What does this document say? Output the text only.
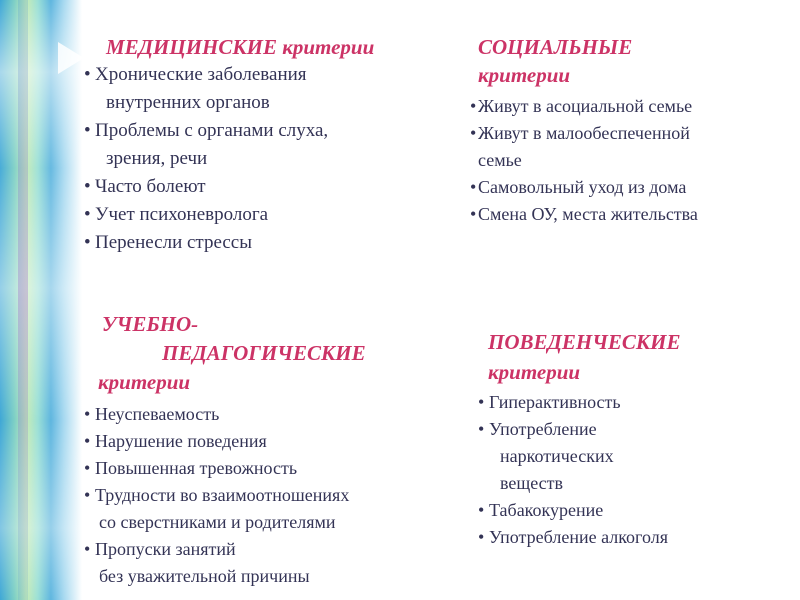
МЕДИЦИНСКИЕ критерии

• Хронические заболевания
внутренних органов
• Проблемы с органами слуха,
зрения, речи
• Часто болеют
• Учет психоневролога
• Перенесли стрессы

СОЦИАЛЬНЫЕ
критерии

• Живут в асоциальной семье
• Живут в малообеспеченной
семье
• Самовольный уход из дома
• Смена ОУ, места жительства

УЧЕБНО-
ПЕДАГОГИЧЕСКИЕ
критерии

• Неуспеваемость
• Нарушение поведения
• Повышенная тревожность
• Трудности во взаимоотношениях
со сверстниками и родителями
• Пропуски занятий
без уважительной причины

ПОВЕДЕНЧЕСКИЕ
критерии

• Гиперактивность
• Употребление
наркотических
веществ
• Табакокурение
• Употребление алкоголя
